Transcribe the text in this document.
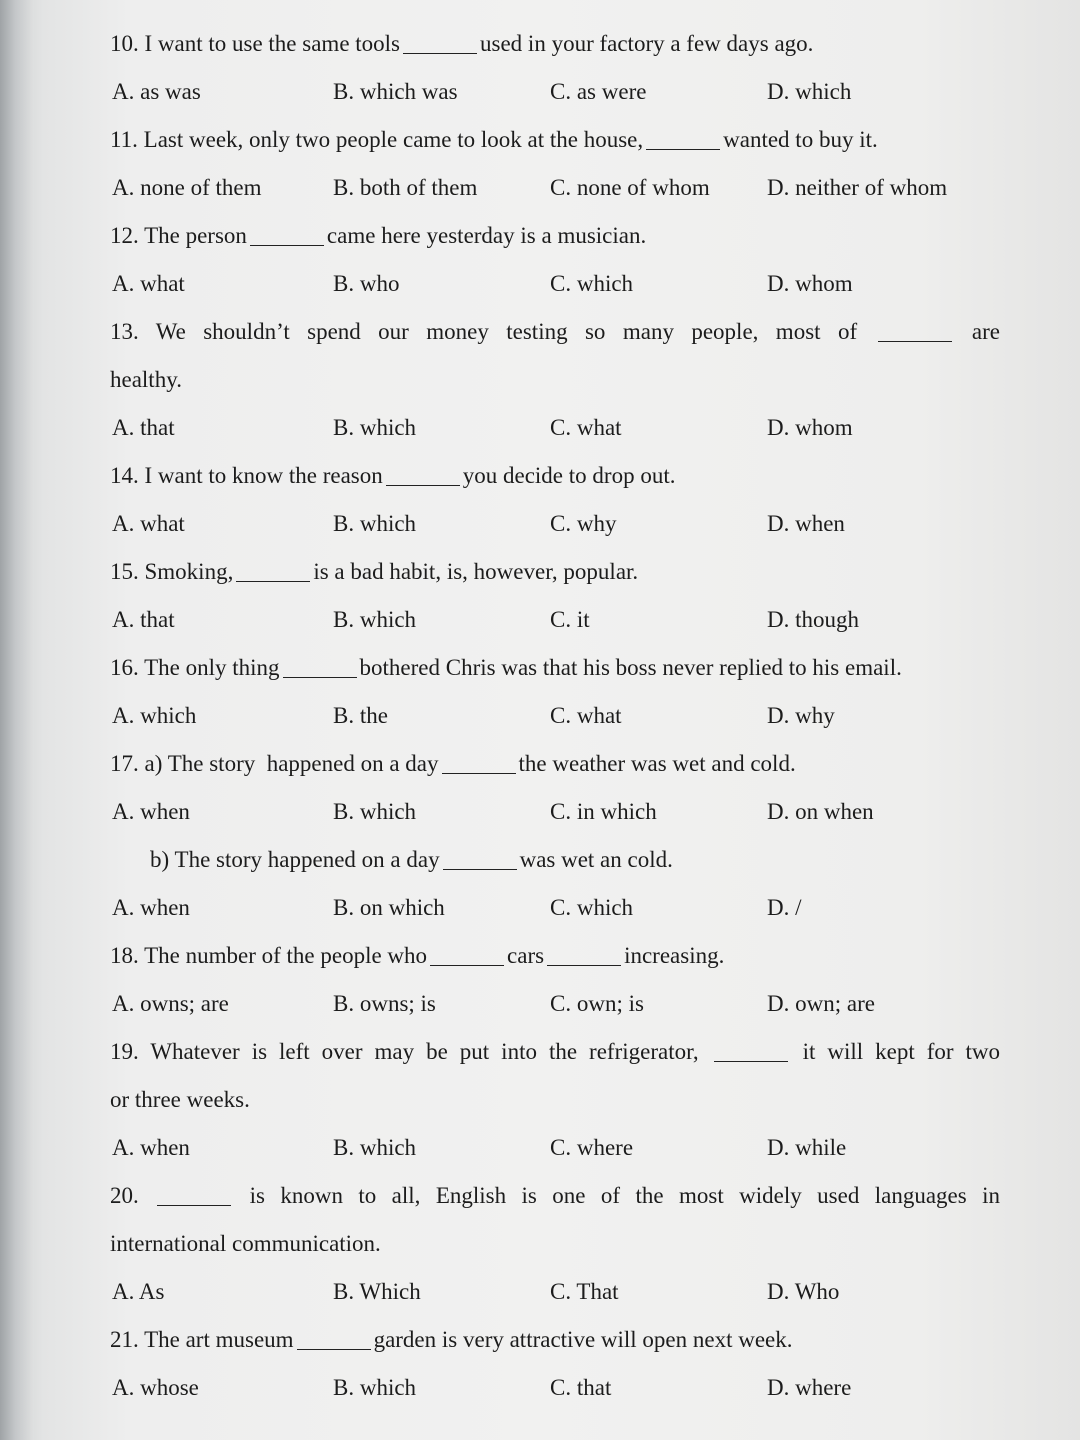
10. I want to use the same tools	used in your factory a few days ago.
A. as was	B. which was	C. as were	D. which
11. Last week, only two people came to look at the house,	wanted to buy it.
A. none of them	B. both of them	C. none of whom D. neither of whom
12. The person	came here yesterday is a musician.
A. what	B. who	C. which	D. whom
13. We shouldn’t spend our money testing so many people, most of	are
healthy.
A. that	B. which	C. what	D. whom
14. I want to know the reason	you decide to drop out.
A. what	B. which	C. why	D. when
15. Smoking,	is a bad habit, is, however, popular.
A. that	B. which	C. it	D. though
16. The only thing	bothered Chris was that his boss never replied to his email.
A. which	B. the	C. what	D. why
17. a) The story  happened on a day	the weather was wet and cold.
A. when	B. which	C. in which	D. on when
b) The story happened on a day	was wet an cold.
A. when	B. on which	C. which	D. /
18. The number of the people who	cars	increasing.
A. owns; are	B. owns; is	C. own; is	D. own; are
19. Whatever is left over may be put into the refrigerator,	it will kept for two
or three weeks.
A. when	B. which	C. where	D. while
20.	is known to all, English is one of the most widely used languages in
international communication.
A. As	B. Which	C. That	D. Who
21. The art museum	garden is very attractive will open next week.
A. whose	B. which	C. that	D. where
